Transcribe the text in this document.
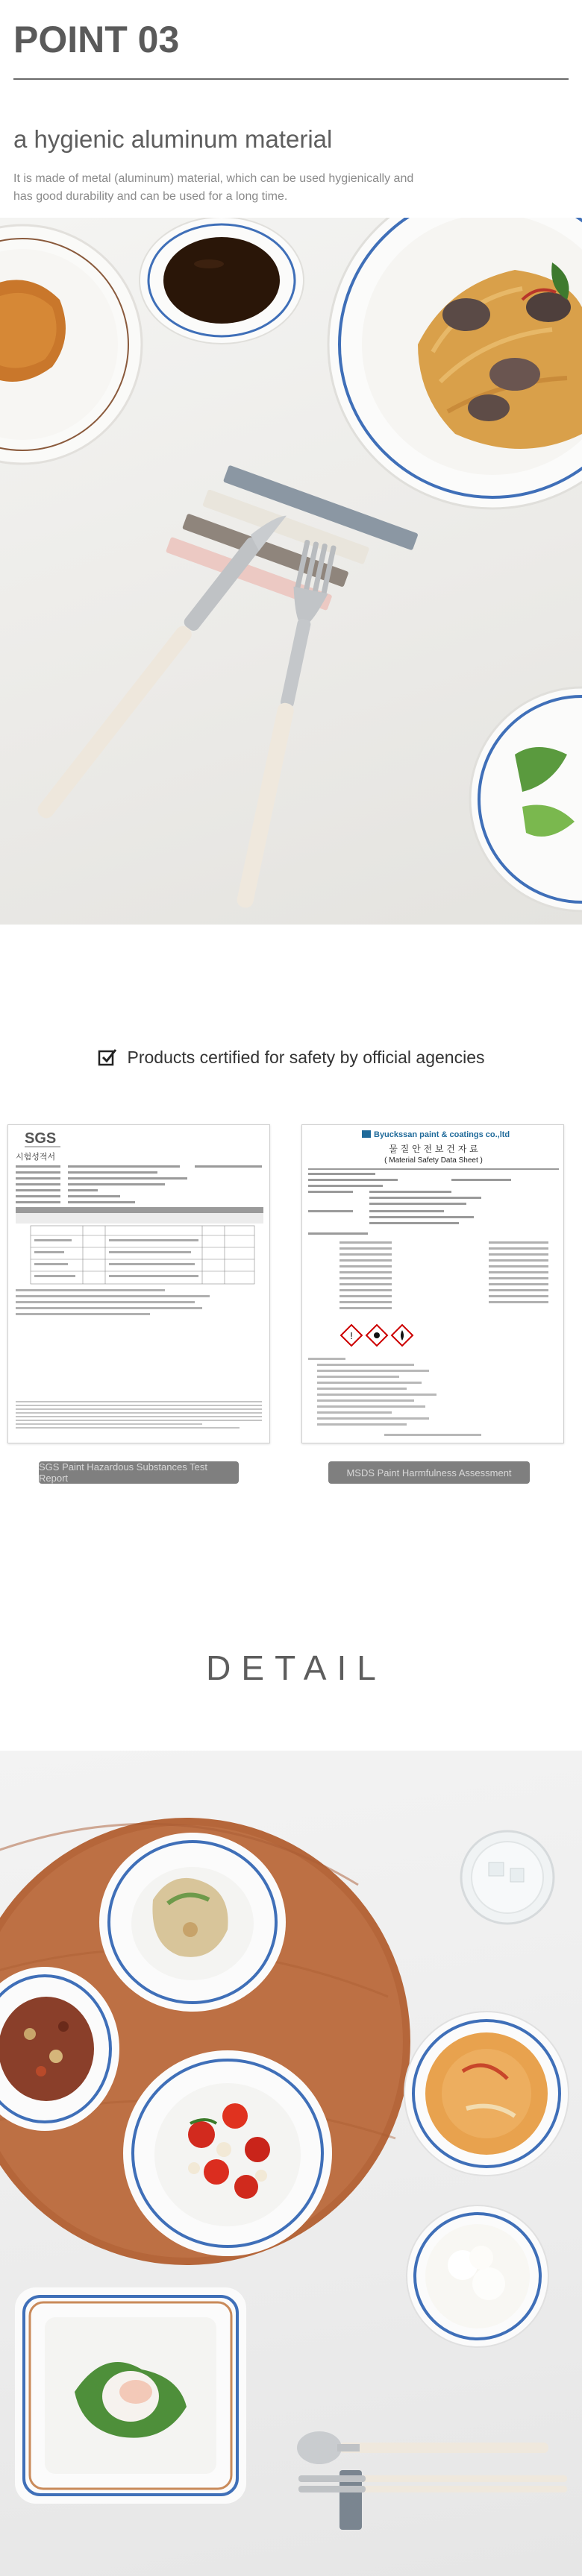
POINT 03
a hygienic aluminum material
It is made of metal (aluminum) material, which can be used hygienically and has good durability and can be used for a long time.
Products certified for safety by official agencies
SGS
시험성적서
SGS Paint Hazardous Substances Test Report
Byuckssan paint & coatings co.,ltd
물 질 안 전 보 건 자 료
( Material Safety Data Sheet )
!
MSDS Paint Harmfulness Assessment
DETAIL
